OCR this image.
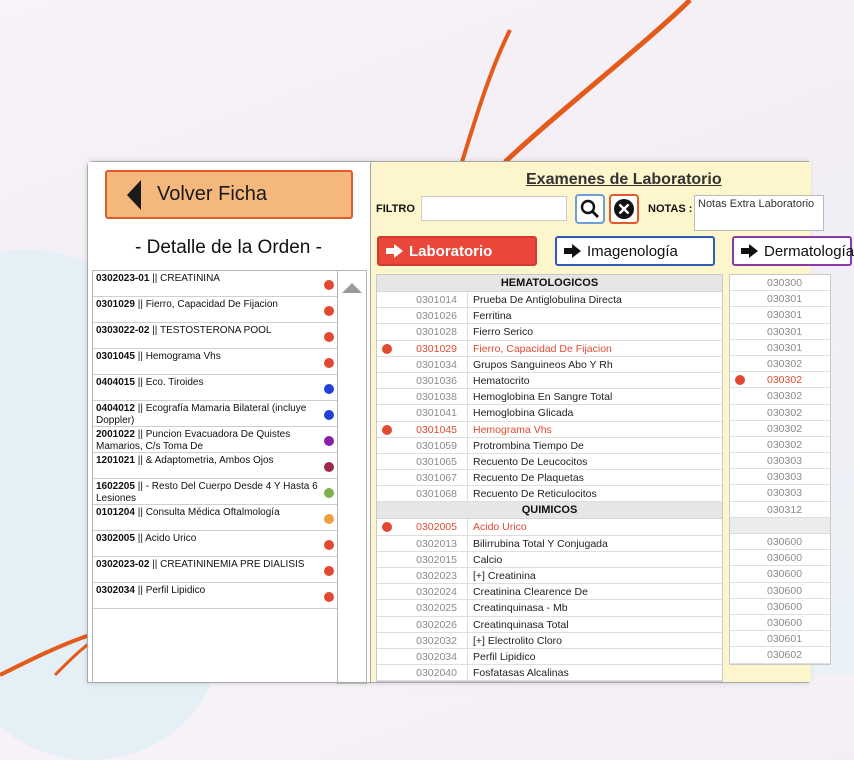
Volver Ficha
- Detalle de la Orden -
0302023-01 || CREATININA
0301029 || Fierro, Capacidad De Fijacion
0303022-02 || TESTOSTERONA POOL
0301045 || Hemograma Vhs
0404015 || Eco. Tiroides
0404012 || Ecografía Mamaria Bilateral (incluye Doppler)
2001022 || Puncion Evacuadora De Quistes Mamarios, C/s Toma De
1201021 || & Adaptometria, Ambos Ojos
1602205 || - Resto Del Cuerpo Desde 4 Y Hasta 6 Lesiones
0101204 || Consulta Médica Oftalmología
0302005 || Acido Urico
0302023-02 || CREATININEMIA PRE DIALISIS
0302034 || Perfil Lipidico
Examenes de Laboratorio
FILTRO	NOTAS : Notas Extra Laboratorio
Laboratorio	Imagenología	Dermatología
HEMATOLOGICOS
0301014 Prueba De Antiglobulina Directa
0301026 Ferritina
0301028 Fierro Serico
0301029 Fierro, Capacidad De Fijacion
0301034 Grupos Sanguineos Abo Y Rh
0301036 Hematocrito
0301038 Hemoglobina En Sangre Total
0301041 Hemoglobina Glicada
0301045 Hemograma Vhs
0301059 Protrombina Tiempo De
0301065 Recuento De Leucocitos
0301067 Recuento De Plaquetas
0301068 Recuento De Reticulocitos
QUIMICOS
0302005 Acido Urico
0302013 Bilirrubina Total Y Conjugada
0302015 Calcio
0302023 [+] Creatinina
0302024 Creatinina Clearence De
0302025 Creatinquinasa - Mb
0302026 Creatinquinasa Total
0302032 [+] Electrolito Cloro
0302034 Perfil Lipidico
0302040 Fosfatasas Alcalinas
030300
030301
030301
030301
030301
030302
030302
030302
030302
030302
030302
030303
030303
030303
030312
030600
030600
030600
030600
030600
030600
030601
030602
